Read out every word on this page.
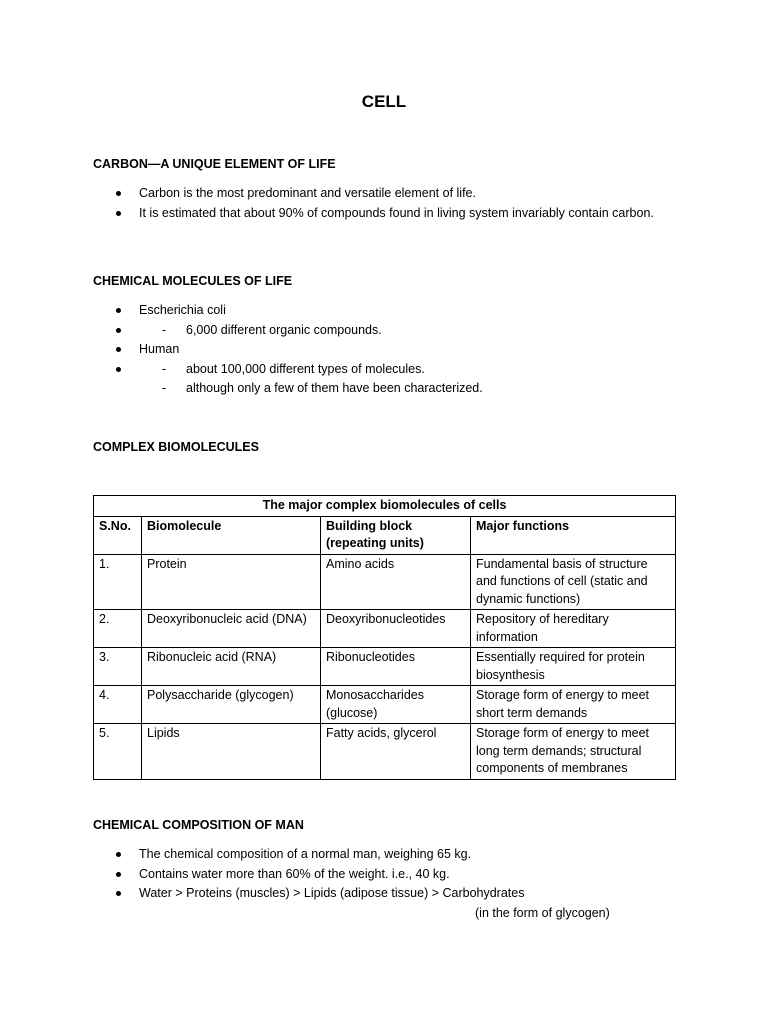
CELL
CARBON—A UNIQUE ELEMENT OF LIFE
Carbon is the most predominant and versatile element of life.
It is estimated that about 90% of compounds found in living system invariably contain carbon.
CHEMICAL MOLECULES OF LIFE
Escherichia coli
- 6,000 different organic compounds.
Human
- about 100,000 different types of molecules.
- although only a few of them have been characterized.
COMPLEX BIOMOLECULES
The major complex biomolecules of cells			
S.No.	Biomolecule	Building block (repeating units)	Major functions
1.	Protein	Amino acids	Fundamental basis of structure and functions of cell (static and dynamic functions)
2.	Deoxyribonucleic acid (DNA)	Deoxyribonucleotides	Repository of hereditary information
3.	Ribonucleic acid (RNA)	Ribonucleotides	Essentially required for protein biosynthesis
4.	Polysaccharide (glycogen)	Monosaccharides (glucose)	Storage form of energy to meet short term demands
5.	Lipids	Fatty acids, glycerol	Storage form of energy to meet long term demands; structural components of membranes
CHEMICAL COMPOSITION OF MAN
The chemical composition of a normal man, weighing 65 kg.
Contains water more than 60% of the weight. i.e., 40 kg.
Water > Proteins (muscles) > Lipids (adipose tissue) > Carbohydrates
(in the form of glycogen)
